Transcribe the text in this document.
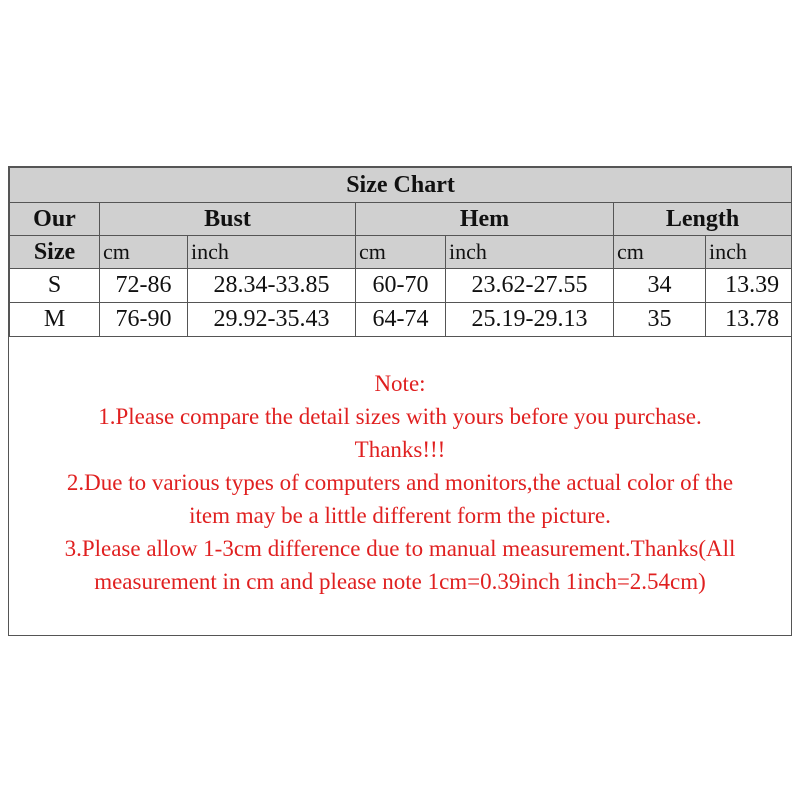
Size Chart						
Our	Bust		Hem		Length	
Size	cm	inch	cm	inch	cm	inch
S	72-86	28.34-33.85	60-70	23.62-27.55	34	13.39
M	76-90	29.92-35.43	64-74	25.19-29.13	35	13.78
Note:
1.Please compare the detail sizes with yours before you purchase.
Thanks!!!
2.Due to various types of computers and monitors,the actual color of the
item may be a little different form the picture.
3.Please allow 1-3cm difference due to manual measurement.Thanks(All
measurement in cm and please note 1cm=0.39inch 1inch=2.54cm)
